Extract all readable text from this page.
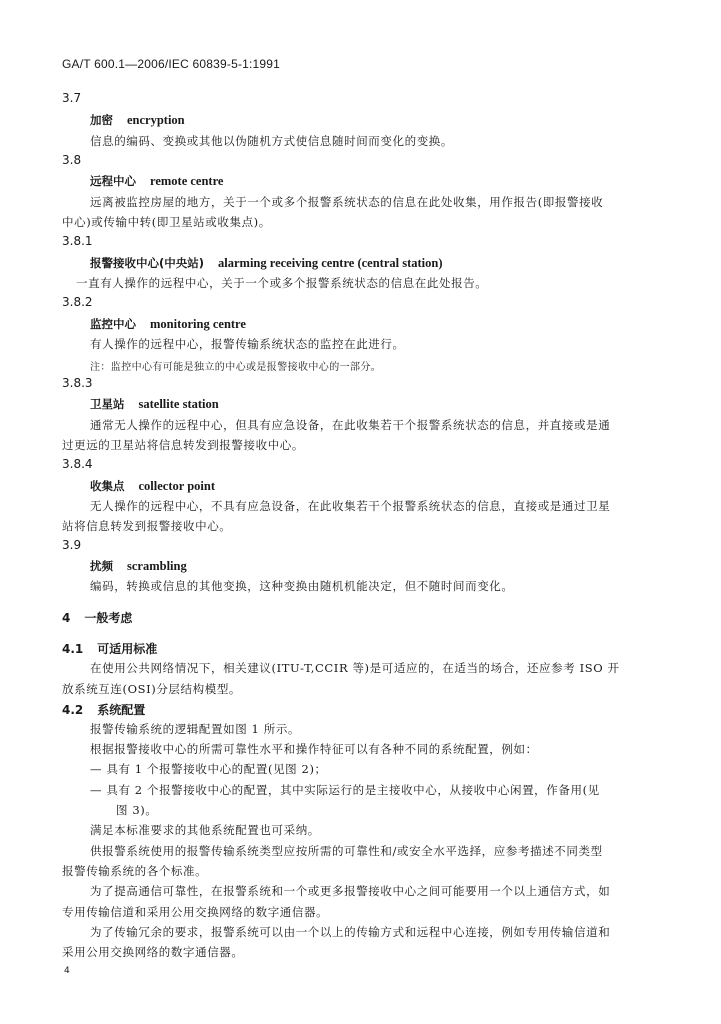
GA/T 600.1—2006/IEC 60839-5-1:1991
3.7
加密 encryption
信息的编码、变换或其他以伪随机方式使信息随时间而变化的变换。
3.8
远程中心 remote centre
远离被监控房屋的地方，关于一个或多个报警系统状态的信息在此处收集，用作报告(即报警接收
中心)或传输中转(即卫星站或收集点)。
3.8.1
报警接收中心(中央站) alarming receiving centre (central station)
一直有人操作的远程中心，关于一个或多个报警系统状态的信息在此处报告。
3.8.2
监控中心 monitoring centre
有人操作的远程中心，报警传输系统状态的监控在此进行。
注：监控中心有可能是独立的中心或是报警接收中心的一部分。
3.8.3
卫星站 satellite station
通常无人操作的远程中心，但具有应急设备，在此收集若干个报警系统状态的信息，并直接或是通
过更远的卫星站将信息转发到报警接收中心。
3.8.4
收集点 collector point
无人操作的远程中心，不具有应急设备，在此收集若干个报警系统状态的信息，直接或是通过卫星
站将信息转发到报警接收中心。
3.9
扰频 scrambling
编码，转换或信息的其他变换，这种变换由随机机能决定，但不随时间而变化。
4 一般考虑
4.1 可适用标准
在使用公共网络情况下，相关建议(ITU-T,CCIR 等)是可适应的，在适当的场合，还应参考 ISO 开
放系统互连(OSI)分层结构模型。
4.2 系统配置
报警传输系统的逻辑配置如图 1 所示。
根据报警接收中心的所需可靠性水平和操作特征可以有各种不同的系统配置，例如：
— 具有 1 个报警接收中心的配置(见图 2)；
— 具有 2 个报警接收中心的配置，其中实际运行的是主接收中心，从接收中心闲置，作备用(见
图 3)。
满足本标准要求的其他系统配置也可采纳。
供报警系统使用的报警传输系统类型应按所需的可靠性和/或安全水平选择，应参考描述不同类型
报警传输系统的各个标准。
为了提高通信可靠性，在报警系统和一个或更多报警接收中心之间可能要用一个以上通信方式，如
专用传输信道和采用公用交换网络的数字通信器。
为了传输冗余的要求，报警系统可以由一个以上的传输方式和远程中心连接，例如专用传输信道和
采用公用交换网络的数字通信器。
4
